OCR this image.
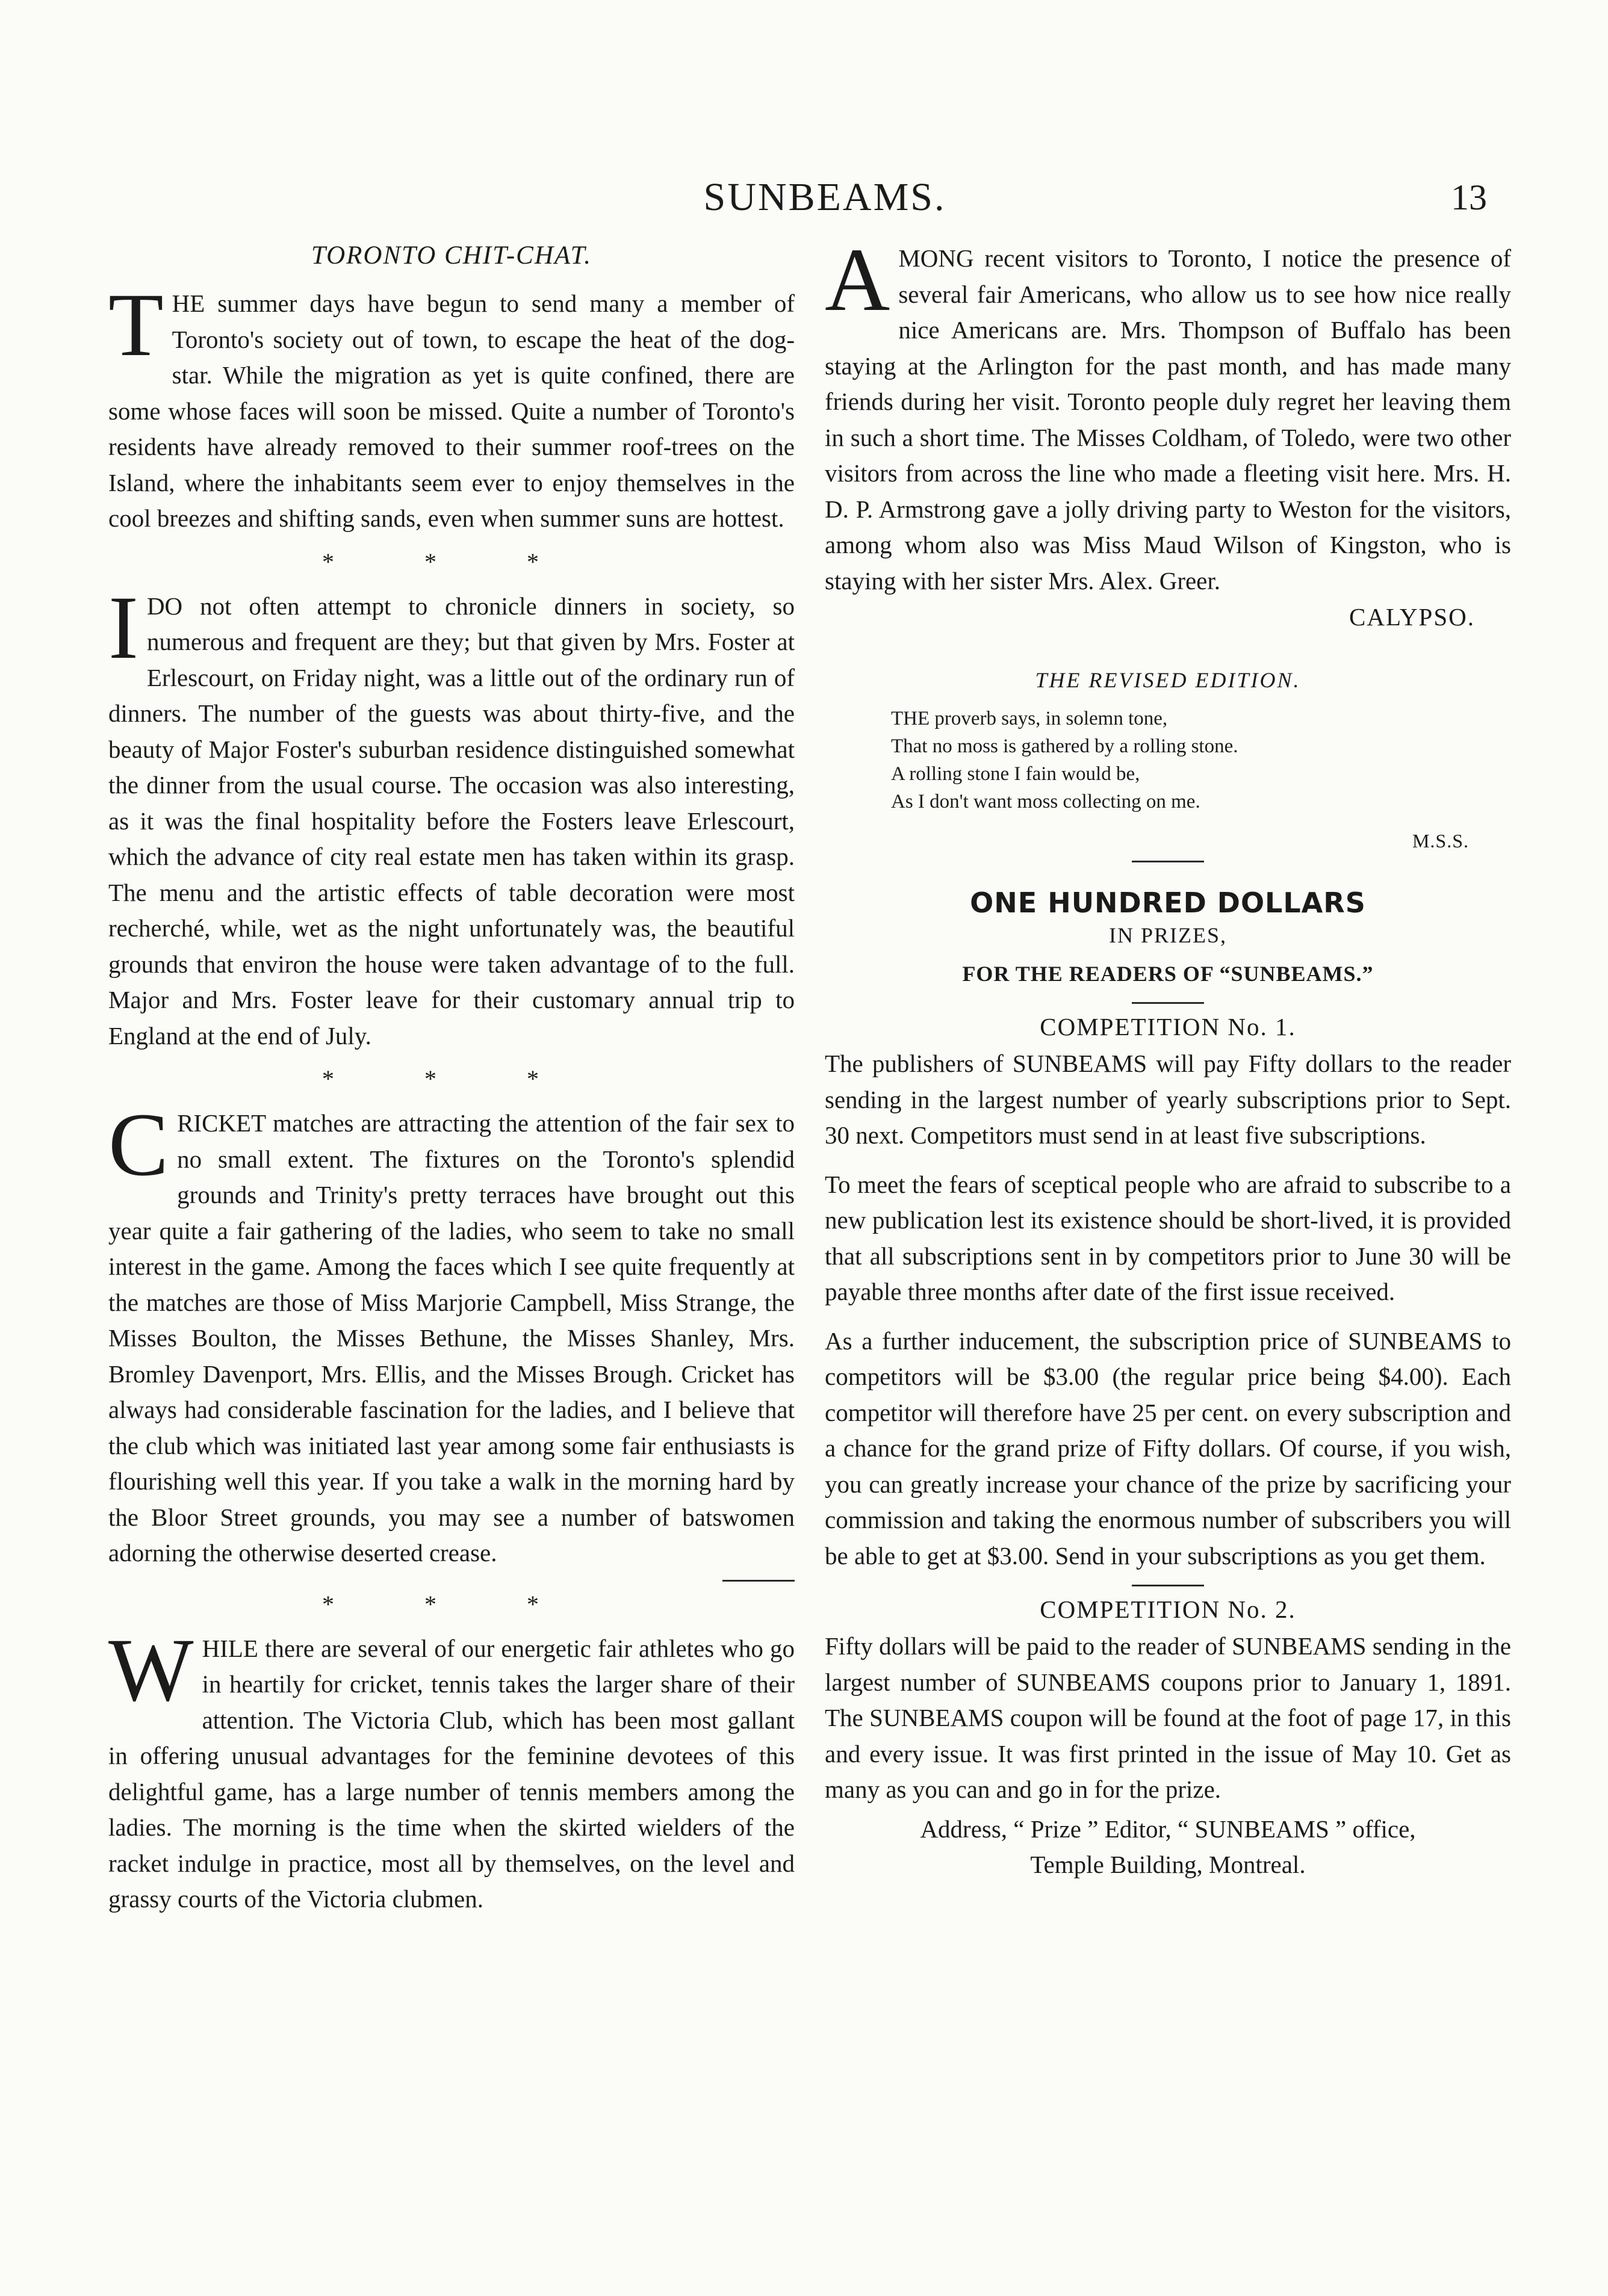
SUNBEAMS.	13
TORONTO CHIT-CHAT.

THE summer days have begun to send many a member of Toronto's society out of town, to escape the heat of the dog-star. While the migration as yet is quite confined, there are some whose faces will soon be missed. Quite a number of Toronto's residents have already removed to their summer roof-trees on the Island, where the inhabitants seem ever to enjoy themselves in the cool breezes and shifting sands, even when summer suns are hottest.

* * *

IDO not often attempt to chronicle dinners in society, so numerous and frequent are they; but that given by Mrs. Foster at Erlescourt, on Friday night, was a little out of the ordinary run of dinners. The number of the guests was about thirty-five, and the beauty of Major Foster's suburban residence distinguished somewhat the dinner from the usual course. The occasion was also interesting, as it was the final hospitality before the Fosters leave Erlescourt, which the advance of city real estate men has taken within its grasp. The menu and the artistic effects of table decoration were most recherché, while, wet as the night unfortunately was, the beautiful grounds that environ the house were taken advantage of to the full. Major and Mrs. Foster leave for their customary annual trip to England at the end of July.

* * *

CRICKET matches are attracting the attention of the fair sex to no small extent. The fixtures on the Toronto's splendid grounds and Trinity's pretty terraces have brought out this year quite a fair gathering of the ladies, who seem to take no small interest in the game. Among the faces which I see quite frequently at the matches are those of Miss Marjorie Campbell, Miss Strange, the Misses Boulton, the Misses Bethune, the Misses Shanley, Mrs. Bromley Davenport, Mrs. Ellis, and the Misses Brough. Cricket has always had considerable fascination for the ladies, and I believe that the club which was initiated last year among some fair enthusiasts is flourishing well this year. If you take a walk in the morning hard by the Bloor Street grounds, you may see a number of batswomen adorning the otherwise deserted crease.

* * *

WHILE there are several of our energetic fair athletes who go in heartily for cricket, tennis takes the larger share of their attention. The Victoria Club, which has been most gallant in offering unusual advantages for the feminine devotees of this delightful game, has a large number of tennis members among the ladies. The morning is the time when the skirted wielders of the racket indulge in practice, most all by themselves, on the level and grassy courts of the Victoria clubmen.

AMONG recent visitors to Toronto, I notice the presence of several fair Americans, who allow us to see how nice really nice Americans are. Mrs. Thompson of Buffalo has been staying at the Arlington for the past month, and has made many friends during her visit. Toronto people duly regret her leaving them in such a short time. The Misses Coldham, of Toledo, were two other visitors from across the line who made a fleeting visit here. Mrs. H. D. P. Armstrong gave a jolly driving party to Weston for the visitors, among whom also was Miss Maud Wilson of Kingston, who is staying with her sister Mrs. Alex. Greer.

CALYPSO.
THE REVISED EDITION.
THE proverb says, in solemn tone,
That no moss is gathered by a rolling stone.
A rolling stone I fain would be,
As I don't want moss collecting on me.
M.S.S.
ONE HUNDRED DOLLARS
IN PRIZES,
FOR THE READERS OF “SUNBEAMS.”
COMPETITION No. 1.

The publishers of SUNBEAMS will pay Fifty dollars to the reader sending in the largest number of yearly subscriptions prior to Sept. 30 next. Competitors must send in at least five subscriptions.

To meet the fears of sceptical people who are afraid to subscribe to a new publication lest its existence should be short-lived, it is provided that all subscriptions sent in by competitors prior to June 30 will be payable three months after date of the first issue received.

As a further inducement, the subscription price of SUNBEAMS to competitors will be $3.00 (the regular price being $4.00). Each competitor will therefore have 25 per cent. on every subscription and a chance for the grand prize of Fifty dollars. Of course, if you wish, you can greatly increase your chance of the prize by sacrificing your commission and taking the enormous number of subscribers you will be able to get at $3.00. Send in your subscriptions as you get them.

COMPETITION No. 2.

Fifty dollars will be paid to the reader of SUNBEAMS sending in the largest number of SUNBEAMS coupons prior to January 1, 1891. The SUNBEAMS coupon will be found at the foot of page 17, in this and every issue. It was first printed in the issue of May 10. Get as many as you can and go in for the prize.

Address, “ Prize ” Editor, “ SUNBEAMS ” office,
Temple Building, Montreal.
